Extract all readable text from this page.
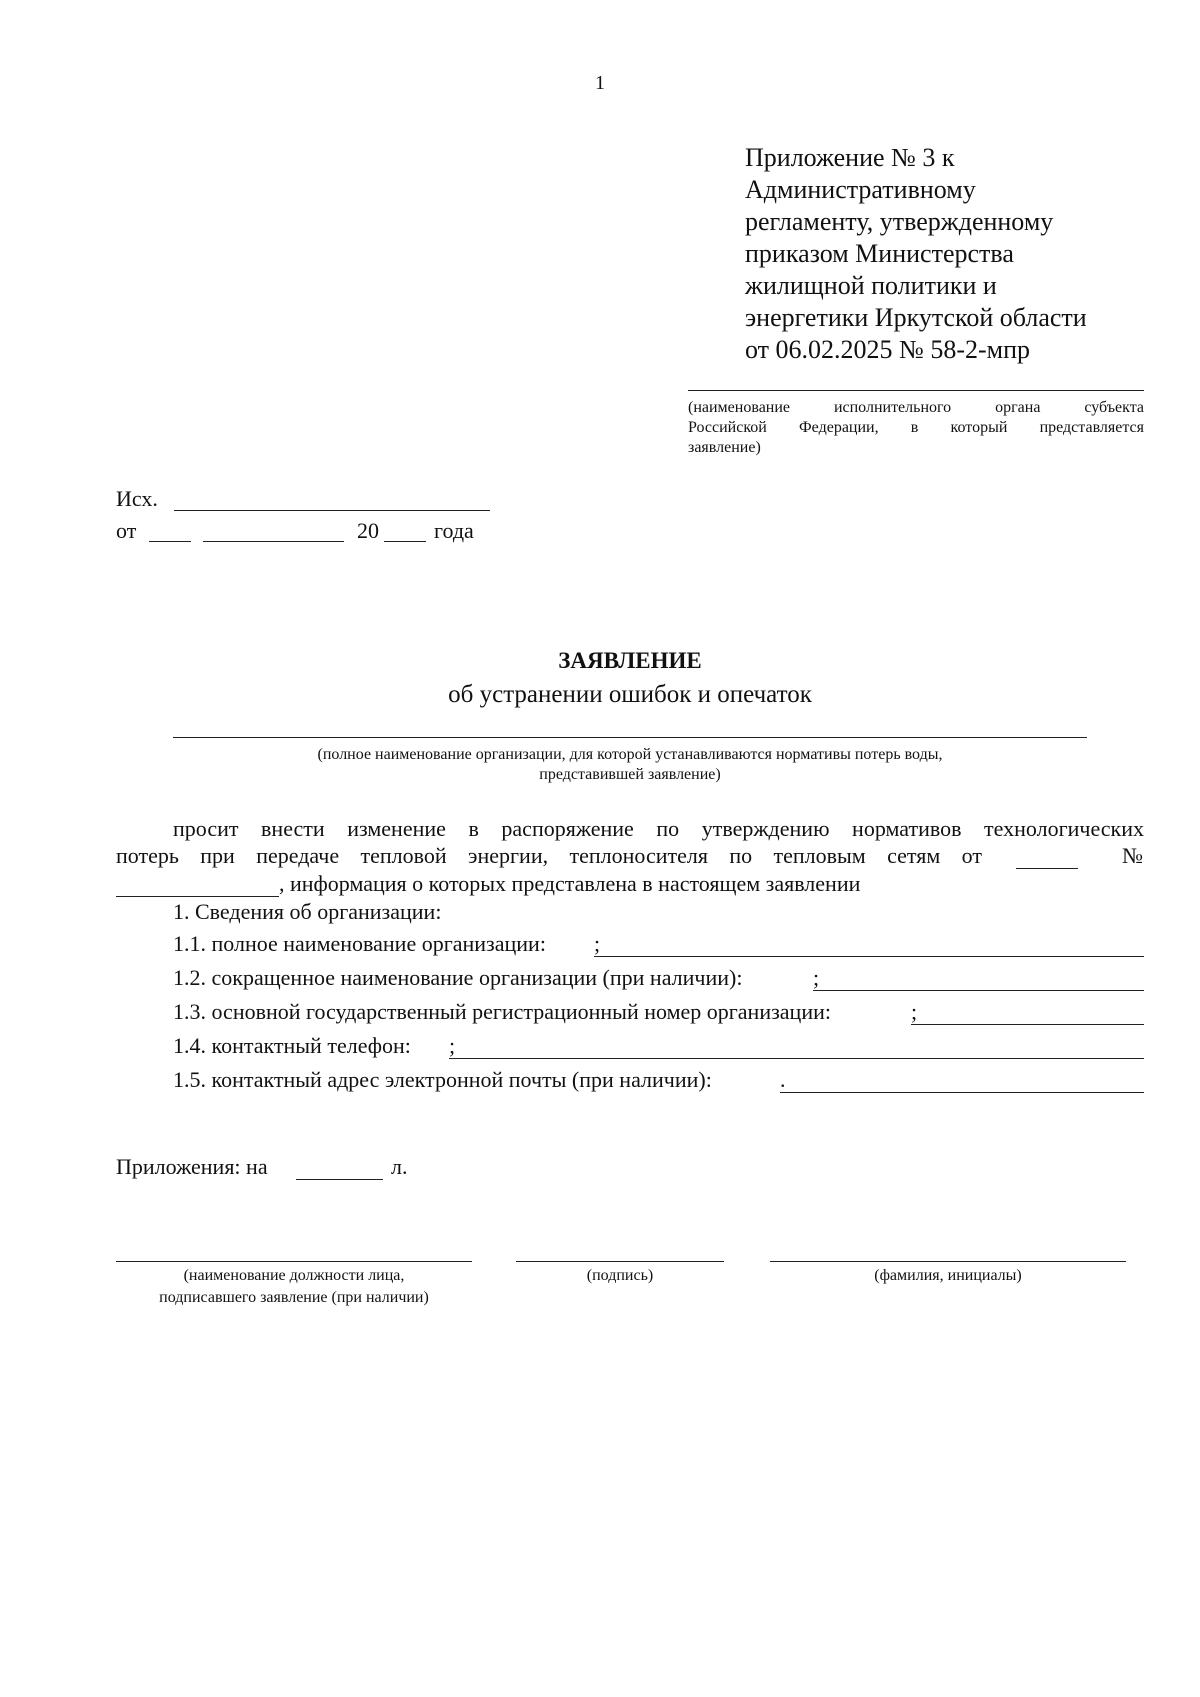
1
Приложение № 3 к
Административному
регламенту, утвержденному
приказом Министерства
жилищной политики и
энергетики Иркутской области
от 06.02.2025 № 58-2-мпр
(наименование исполнительного органа субъекта
Российской Федерации, в который представляется
заявление)
Исх.
от	20	года
ЗАЯВЛЕНИЕ
об устранении ошибок и опечаток
(полное наименование организации, для которой устанавливаются нормативы потерь воды,
представившей заявление)
просит внести изменение в распоряжение по утверждению нормативов технологических
потерь при передаче тепловой энергии, теплоносителя по тепловым сетям от	№
, информация о которых представлена в настоящем заявлении
1. Сведения об организации:
1.1. полное наименование организации: ;
1.2. сокращенное наименование организации (при наличии):	;
1.3. основной государственный регистрационный номер организации:	;
1.4. контактный телефон: ;
1.5. контактный адрес электронной почты (при наличии):	.
Приложения: на	л.
(наименование должности лица,
подписавшего заявление (при наличии)
(подпись)	(фамилия, инициалы)
